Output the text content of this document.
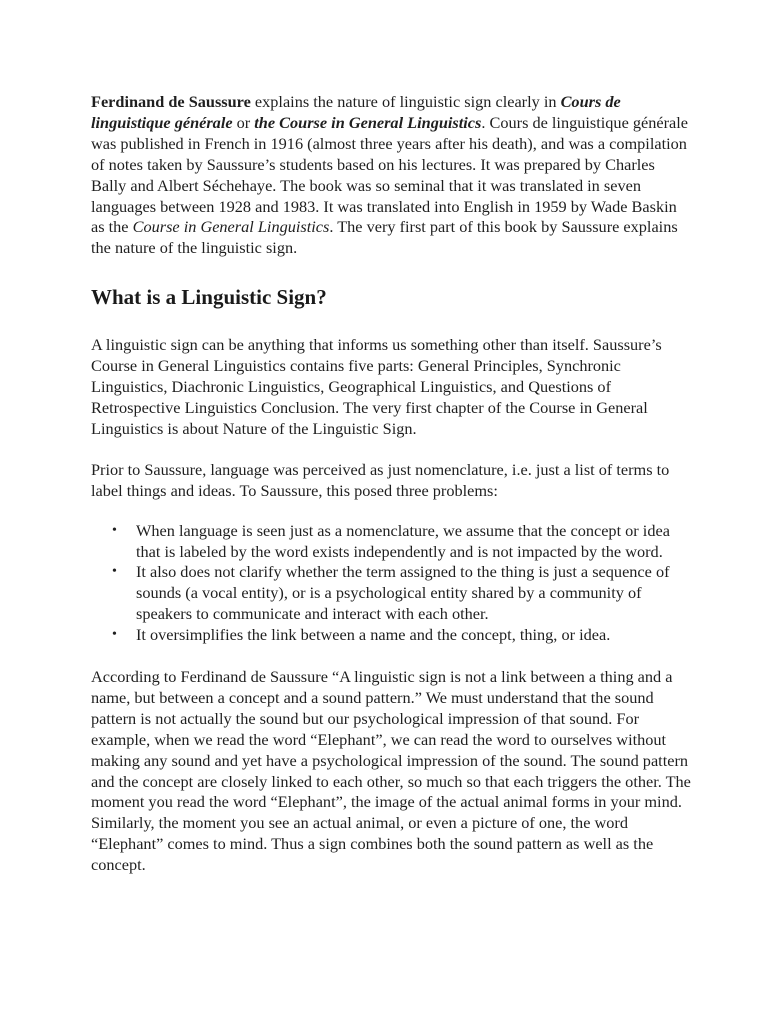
Ferdinand de Saussure explains the nature of linguistic sign clearly in Cours de linguistique générale or the Course in General Linguistics. Cours de linguistique générale was published in French in 1916 (almost three years after his death), and was a compilation of notes taken by Saussure’s students based on his lectures. It was prepared by Charles Bally and Albert Séchehaye. The book was so seminal that it was translated in seven languages between 1928 and 1983. It was translated into English in 1959 by Wade Baskin as the Course in General Linguistics. The very first part of this book by Saussure explains the nature of the linguistic sign.

What is a Linguistic Sign?

A linguistic sign can be anything that informs us something other than itself. Saussure’s Course in General Linguistics contains five parts: General Principles, Synchronic Linguistics, Diachronic Linguistics, Geographical Linguistics, and Questions of Retrospective Linguistics Conclusion. The very first chapter of the Course in General Linguistics is about Nature of the Linguistic Sign.

Prior to Saussure, language was perceived as just nomenclature, i.e. just a list of terms to label things and ideas. To Saussure, this posed three problems:

• When language is seen just as a nomenclature, we assume that the concept or idea that is labeled by the word exists independently and is not impacted by the word.
• It also does not clarify whether the term assigned to the thing is just a sequence of sounds (a vocal entity), or is a psychological entity shared by a community of speakers to communicate and interact with each other.
• It oversimplifies the link between a name and the concept, thing, or idea.

According to Ferdinand de Saussure “A linguistic sign is not a link between a thing and a name, but between a concept and a sound pattern.” We must understand that the sound pattern is not actually the sound but our psychological impression of that sound. For example, when we read the word “Elephant”, we can read the word to ourselves without making any sound and yet have a psychological impression of the sound. The sound pattern and the concept are closely linked to each other, so much so that each triggers the other. The moment you read the word “Elephant”, the image of the actual animal forms in your mind. Similarly, the moment you see an actual animal, or even a picture of one, the word “Elephant” comes to mind. Thus a sign combines both the sound pattern as well as the concept.
